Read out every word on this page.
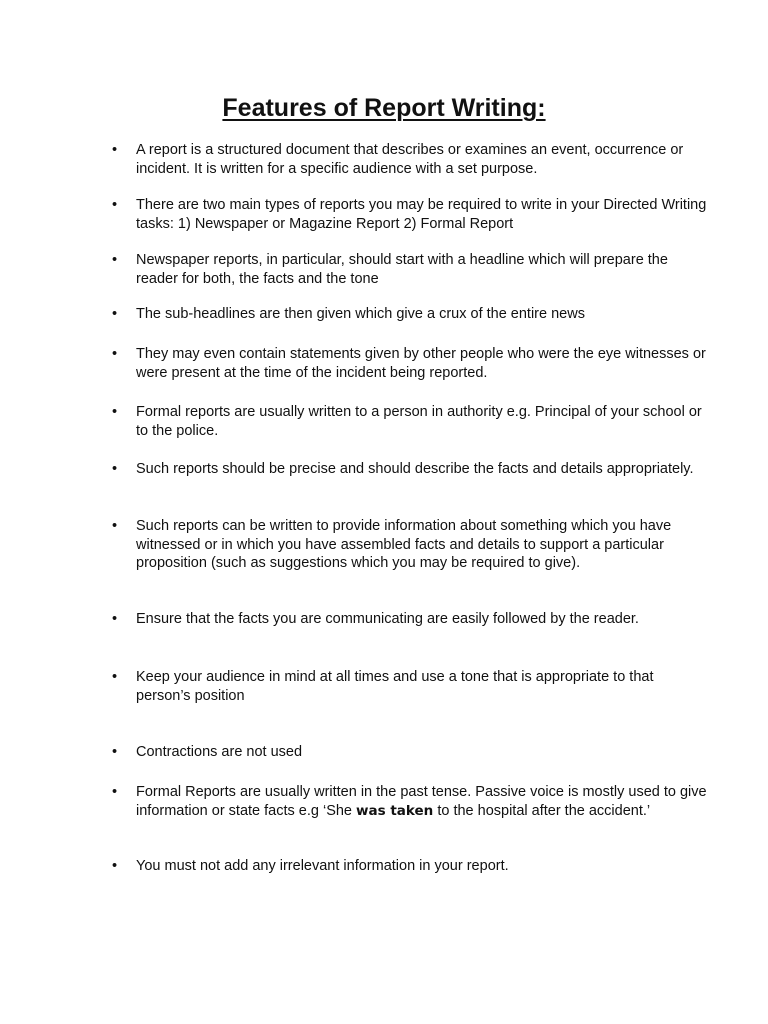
Features of Report Writing:
• A report is a structured document that describes or examines an event, occurrence or incident. It is written for a specific audience with a set purpose.
• There are two main types of reports you may be required to write in your Directed Writing tasks: 1) Newspaper or Magazine Report 2) Formal Report
• Newspaper reports, in particular, should start with a headline which will prepare the reader for both, the facts and the tone
• The sub-headlines are then given which give a crux of the entire news
• They may even contain statements given by other people who were the eye witnesses or were present at the time of the incident being reported.
• Formal reports are usually written to a person in authority e.g. Principal of your school or to the police.
• Such reports should be precise and should describe the facts and details appropriately.
• Such reports can be written to provide information about something which you have witnessed or in which you have assembled facts and details to support a particular proposition (such as suggestions which you may be required to give).
• Ensure that the facts you are communicating are easily followed by the reader.
• Keep your audience in mind at all times and use a tone that is appropriate to that person’s position
• Contractions are not used
• Formal Reports are usually written in the past tense. Passive voice is mostly used to give information or state facts e.g ‘She was taken to the hospital after the accident.’
• You must not add any irrelevant information in your report.
